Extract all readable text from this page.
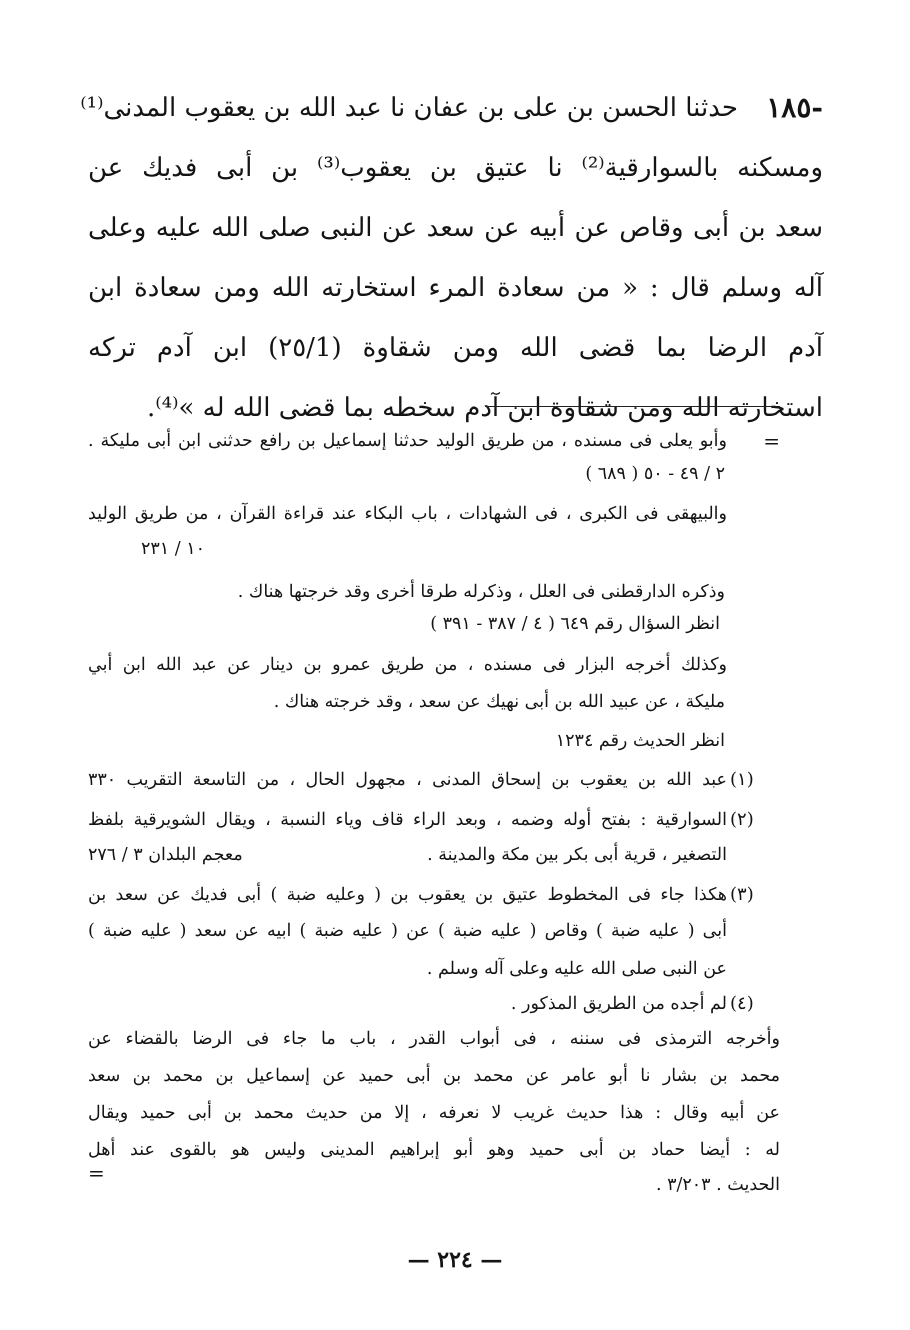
١٨٥-
حدثنا الحسن بن على بن عفان نا عبد الله بن يعقوب المدنى⁽¹⁾
ومسكنه بالسوارقية⁽²⁾ نا عتيق بن يعقوب⁽³⁾ بن أبى فديك عن
سعد بن أبى وقاص عن أبيه عن سعد عن النبى صلى الله عليه وعلى
آله وسلم قال : « من سعادة المرء استخارته الله ومن سعادة ابن
آدم الرضا بما قضى الله ومن شقاوة (٢٥/1) ابن آدم تركه
استخارته الله ومن شقاوة ابن آدم سخطه بما قضى الله له »⁽⁴⁾.
=
وأبو يعلى فى مسنده ، من طريق الوليد حدثنا إسماعيل بن رافع حدثنى ابن أبى مليكة .
٢ / ٤٩ - ٥٠ ( ٦٨٩ )
والبيهقى فى الكبرى ، فى الشهادات ، باب البكاء عند قراءة القرآن ، من طريق الوليد
١٠ / ٢٣١
وذكره الدارقطنى فى العلل ، وذكرله طرقا أخرى وقد خرجتها هناك .
انظر السؤال رقم ٦٤٩ ( ٤ / ٣٨٧ - ٣٩١ )
وكذلك أخرجه البزار فى مسنده ، من طريق عمرو بن دينار عن عبد الله ابن أبي
مليكة ، عن عبيد الله بن أبى نهيك عن سعد ، وقد خرجته هناك .
انظر الحديث رقم ١٢٣٤
(١)
عبد الله بن يعقوب بن إسحاق المدنى ، مجهول الحال ، من التاسعة التقريب ٣٣٠
(٢)
السوارقية : بفتح أوله وضمه ، وبعد الراء قاف وياء النسبة ، ويقال الشويرقية بلفظ
التصغير ، قرية أبى بكر بين مكة والمدينة .
معجم البلدان ٣ / ٢٧٦
(٣)
هكذا جاء فى المخطوط عتيق بن يعقوب بن ( وعليه ضبة ) أبى فديك عن سعد بن
أبى ( عليه ضبة ) وقاص ( عليه ضبة ) عن ( عليه ضبة ) ابيه عن سعد ( عليه ضبة )
عن النبى صلى الله عليه وعلى آله وسلم .
(٤)
لم أجده من الطريق المذكور .
وأخرجه الترمذى فى سننه ، فى أبواب القدر ، باب ما جاء فى الرضا بالقضاء عن
محمد بن بشار نا أبو عامر عن محمد بن أبى حميد عن إسماعيل بن محمد بن سعد
عن أبيه وقال : هذا حديث غريب لا نعرفه ، إلا من حديث محمد بن أبى حميد ويقال
له : أيضا حماد بن أبى حميد وهو أبو إبراهيم المدينى وليس هو بالقوى عند أهل
الحديث . ٣/٢٠٣ .
=
— ٢٢٤ —
